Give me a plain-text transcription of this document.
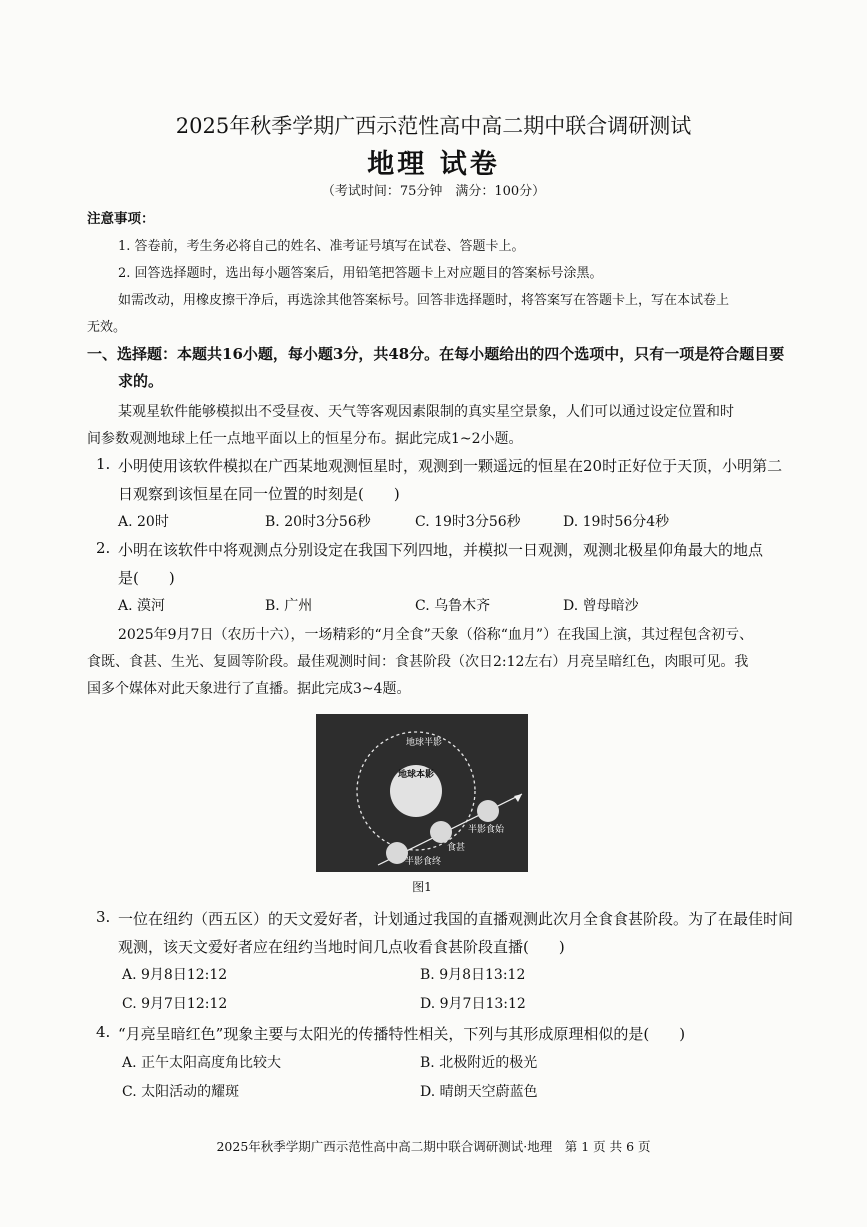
2025年秋季学期广西示范性高中高二期中联合调研测试
地理 试卷
（考试时间：75分钟　满分：100分）
注意事项：
1. 答卷前，考生务必将自己的姓名、准考证号填写在试卷、答题卡上。
2. 回答选择题时，选出每小题答案后，用铅笔把答题卡上对应题目的答案标号涂黑。
如需改动，用橡皮擦干净后，再选涂其他答案标号。回答非选择题时，将答案写在答题卡上，写在本试卷上
无效。
一、选择题：本题共16小题，每小题3分，共48分。在每小题给出的四个选项中，只有一项是符合题目要
求的。
某观星软件能够模拟出不受昼夜、天气等客观因素限制的真实星空景象，人们可以通过设定位置和时
间参数观测地球上任一点地平面以上的恒星分布。据此完成1~2小题。
1. 小明使用该软件模拟在广西某地观测恒星时，观测到一颗遥远的恒星在20时正好位于天顶，小明第二
日观察到该恒星在同一位置的时刻是(　　)
A. 20时	B. 20时3分56秒	C. 19时3分56秒	D. 19时56分4秒
2. 小明在该软件中将观测点分别设定在我国下列四地，并模拟一日观测，观测北极星仰角最大的地点
是(　　)
A. 漠河	B. 广州	C. 乌鲁木齐	D. 曾母暗沙
2025年9月7日（农历十六），一场精彩的“月全食”天象（俗称“血月”）在我国上演，其过程包含初亏、
食既、食甚、生光、复圆等阶段。最佳观测时间：食甚阶段（次日2:12左右）月亮呈暗红色，肉眼可见。我
国多个媒体对此天象进行了直播。据此完成3~4题。
地球本影
地球半影
半影食始
食甚
半影食终
图1
3. 一位在纽约（西五区）的天文爱好者，计划通过我国的直播观测此次月全食食甚阶段。为了在最佳时间
观测，该天文爱好者应在纽约当地时间几点收看食甚阶段直播(　　)
A. 9月8日12:12	B. 9月8日13:12
C. 9月7日12:12	D. 9月7日13:12
4. “月亮呈暗红色”现象主要与太阳光的传播特性相关，下列与其形成原理相似的是(　　)
A. 正午太阳高度角比较大	B. 北极附近的极光
C. 太阳活动的耀斑	D. 晴朗天空蔚蓝色
2025年秋季学期广西示范性高中高二期中联合调研测试·地理　第 1 页 共 6 页
